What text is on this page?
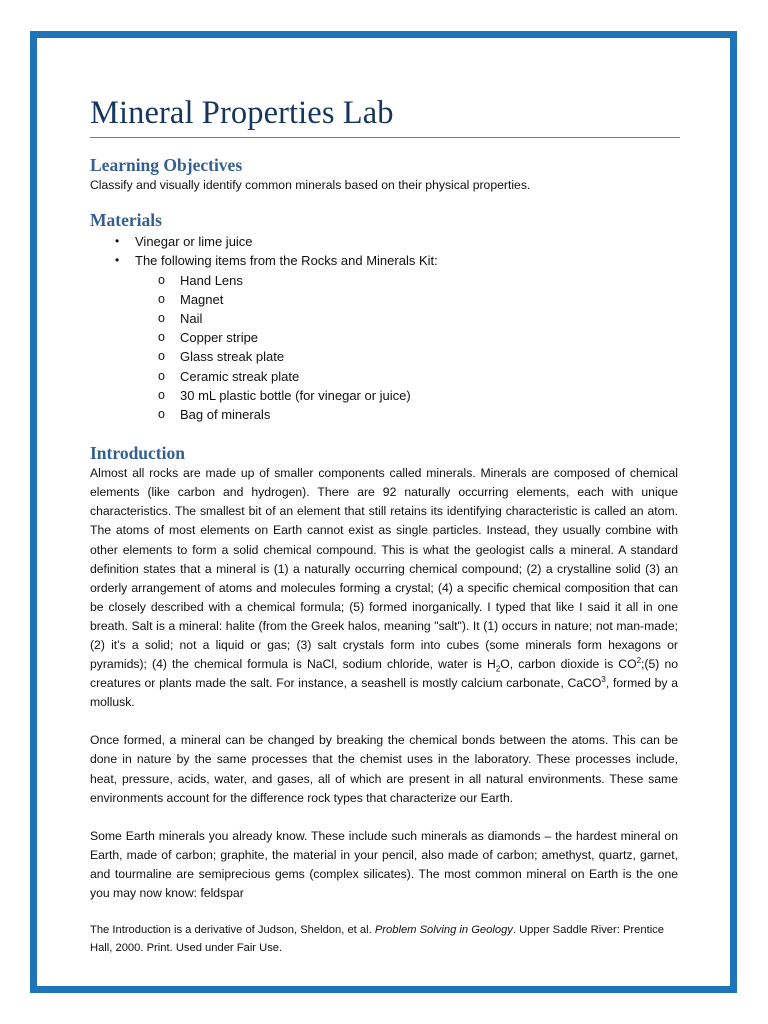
Mineral Properties Lab
Learning Objectives

Classify and visually identify common minerals based on their physical properties.

Materials
• Vinegar or lime juice
• The following items from the Rocks and Minerals Kit:
o Hand Lens
o Magnet
o Nail
o Copper stripe
o Glass streak plate
o Ceramic streak plate
o 30 mL plastic bottle (for vinegar or juice)
o Bag of minerals
Introduction

Almost all rocks are made up of smaller components called minerals. Minerals are composed of chemical elements (like carbon and hydrogen). There are 92 naturally occurring elements, each with unique characteristics. The smallest bit of an element that still retains its identifying characteristic is called an atom. The atoms of most elements on Earth cannot exist as single particles. Instead, they usually combine with other elements to form a solid chemical compound. This is what the geologist calls a mineral. A standard definition states that a mineral is (1) a naturally occurring chemical compound; (2) a crystalline solid (3) an orderly arrangement of atoms and molecules forming a crystal; (4) a specific chemical composition that can be closely described with a chemical formula; (5) formed inorganically. I typed that like I said it all in one breath. Salt is a mineral: halite (from the Greek halos, meaning "salt"). It (1) occurs in nature; not man-made; (2) it’s a solid; not a liquid or gas; (3) salt crystals form into cubes (some minerals form hexagons or pyramids); (4) the chemical formula is NaCl, sodium chloride, water is $H_2O$, carbon dioxide is $CO^2;(5)$ no creatures or plants made the salt. For instance, a seashell is mostly calcium carbonate, CaCO$^3$, formed by a mollusk.

Once formed, a mineral can be changed by breaking the chemical bonds between the atoms. This can be done in nature by the same processes that the chemist uses in the laboratory. These processes include, heat, pressure, acids, water, and gases, all of which are present in all natural environments. These same environments account for the difference rock types that characterize our Earth.

Some Earth minerals you already know. These include such minerals as diamonds – the hardest mineral on Earth, made of carbon; graphite, the material in your pencil, also made of carbon; amethyst, quartz, garnet, and tourmaline are semiprecious gems (complex silicates). The most common mineral on Earth is the one you may now know: feldspar

The Introduction is a derivative of Judson, Sheldon, et al. Problem Solving in Geology. Upper Saddle River: Prentice Hall, 2000. Print. Used under Fair Use.
